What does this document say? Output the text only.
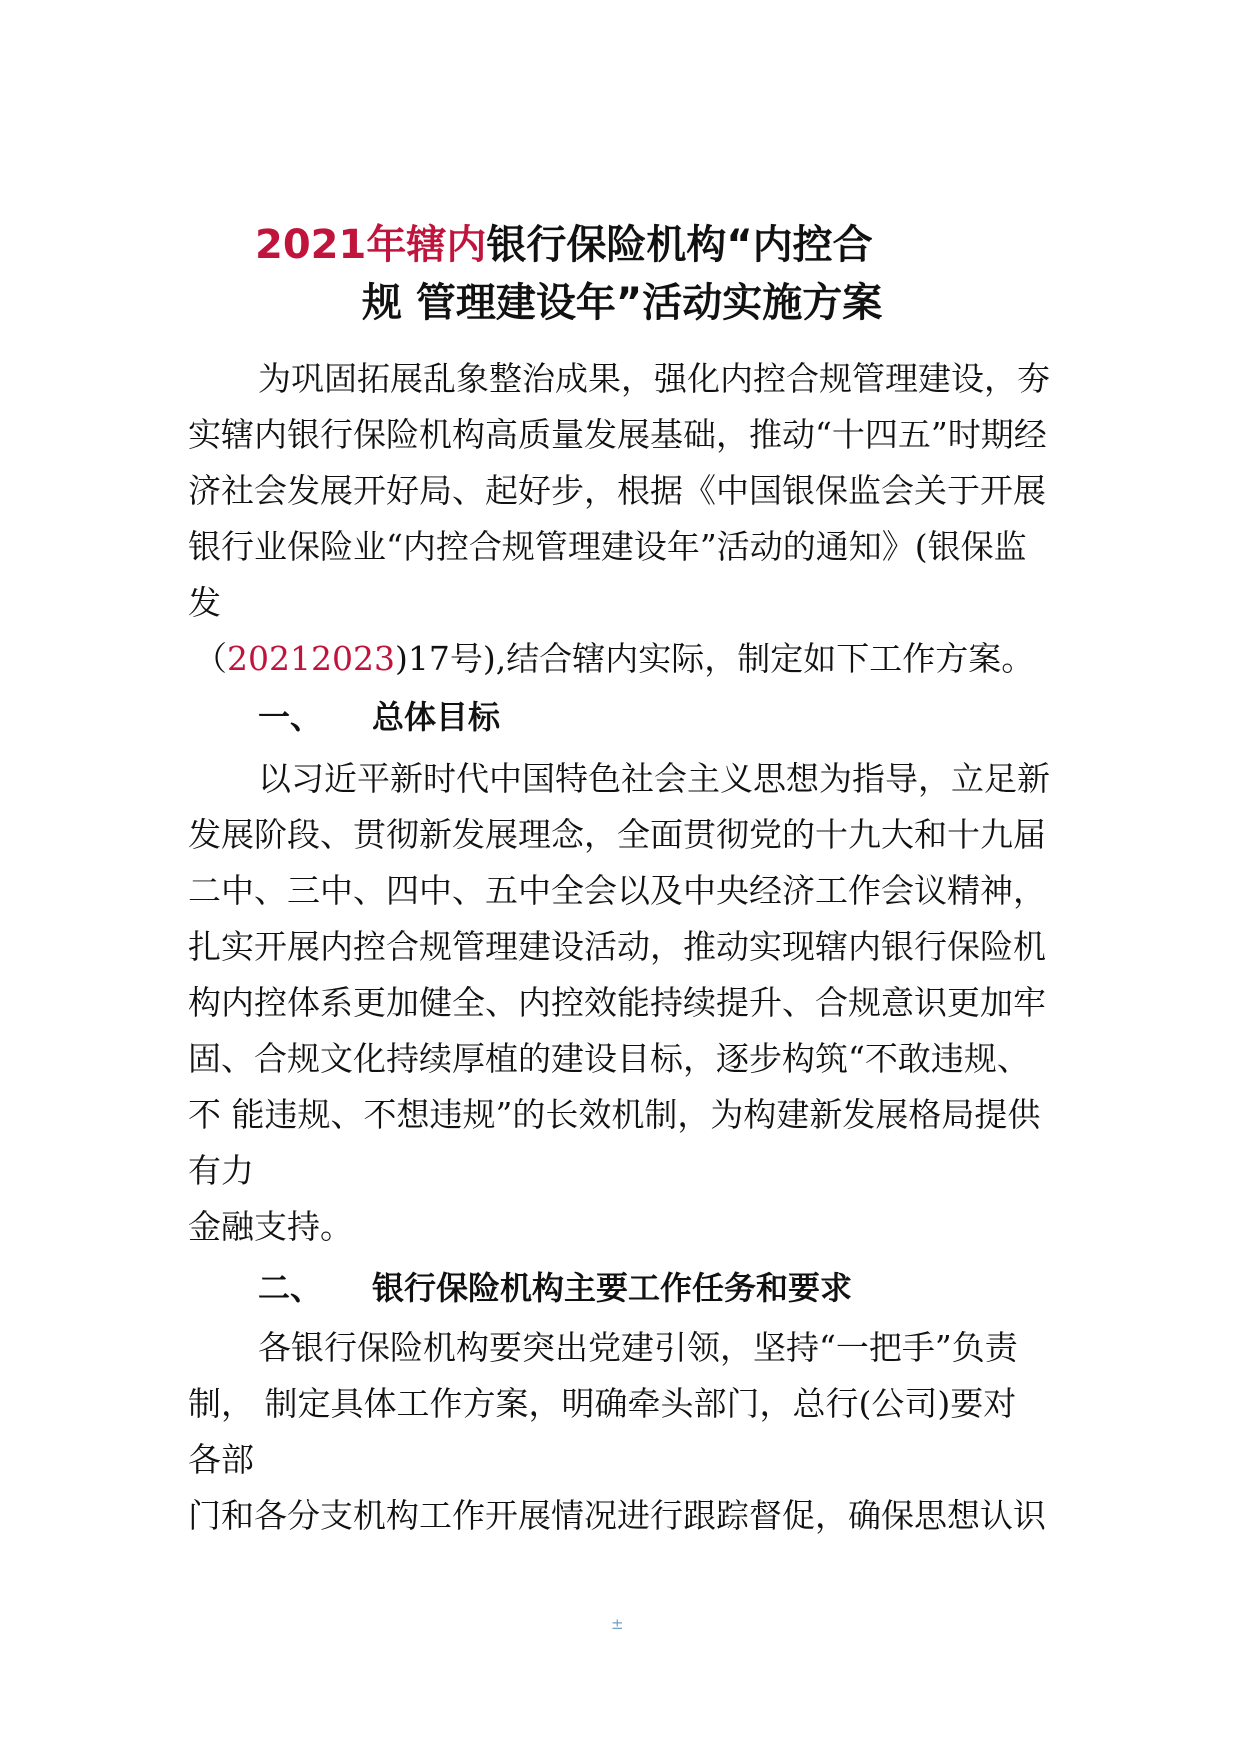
2021年辖内银行保险机构“内控合
规 管理建设年”活动实施方案
为巩固拓展乱象整治成果，强化内控合规管理建设，夯
实辖内银行保险机构高质量发展基础，推动“十四五”时期经
济社会发展开好局、起好步，根据《中国银保监会关于开展
银行业保险业“内控合规管理建设年”活动的通知》(银保监
发
（20212023)17号),结合辖内实际，制定如下工作方案。
一、 总体目标
以习近平新时代中国特色社会主义思想为指导，立足新
发展阶段、贯彻新发展理念，全面贯彻党的十九大和十九届
二中、三中、四中、五中全会以及中央经济工作会议精神，
扎实开展内控合规管理建设活动，推动实现辖内银行保险机
构内控体系更加健全、内控效能持续提升、合规意识更加牢
固、合规文化持续厚植的建设目标，逐步构筑“不敢违规、
不 能违规、不想违规”的长效机制，为构建新发展格局提供
有力
金融支持。
二、 银行保险机构主要工作任务和要求
各银行保险机构要突出党建引领，坚持“一把手”负责
制， 制定具体工作方案，明确牵头部门，总行(公司)要对
各部
门和各分支机构工作开展情况进行跟踪督促，确保思想认识
±
